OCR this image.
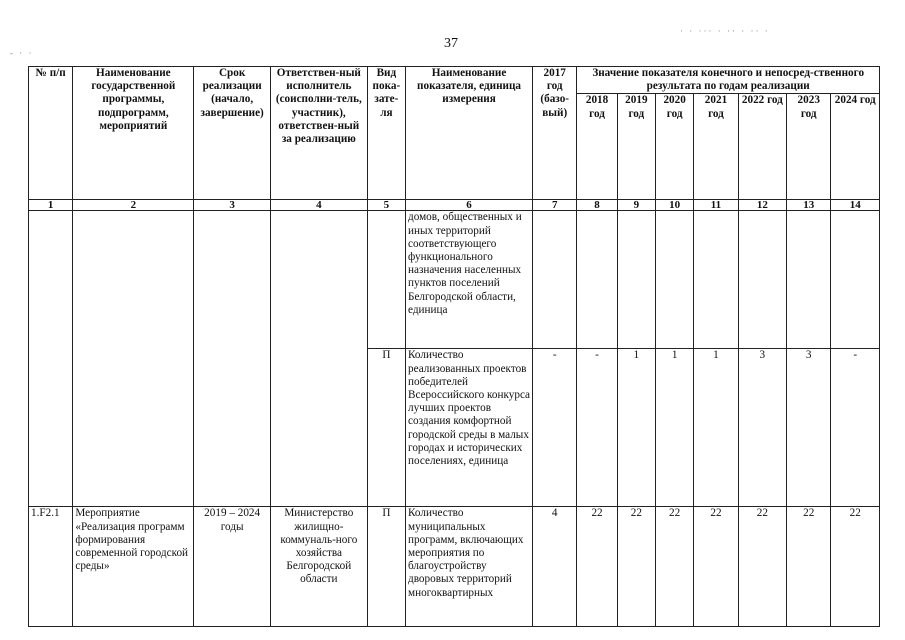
37
· · ··· · ·· · ·· ·
- · ·
№ п/п	Наименование государственной программы, подпрограмм, мероприятий	Срок реализации (начало, завершение)	Ответствен-ный исполнитель (соисполни-тель, участник), ответствен-ный за реализацию	Вид пока-зате-ля	Наименование показателя, единица измерения	2017 год (базо-вый)	Значение показателя конечного и непосред-ственного результата по годам реализации						
							2018 год	2019 год	2020 год	2021 год	2022 год	2023 год	2024 год
1	2	3	4	5	6	7	8	9	10	11	12	13	14
					домов, общественных и иных территорий соответствующего функционального назначения населенных пунктов поселений Белгородской области, единица								
				П	Количество реализованных проектов победителей Всероссийского конкурса лучших проектов создания комфортной городской среды в малых городах и исторических поселениях, единица	-	-	1	1	1	3	3	-
1.F2.1	Мероприятие «Реализация программ формирования современной городской среды»	2019 – 2024 годы	Министерство жилищно-коммуналь-ного хозяйства Белгородской области	П	Количество муниципальных программ, включающих мероприятия по благоустройству дворовых территорий многоквартирных	4	22	22	22	22	22	22	22
